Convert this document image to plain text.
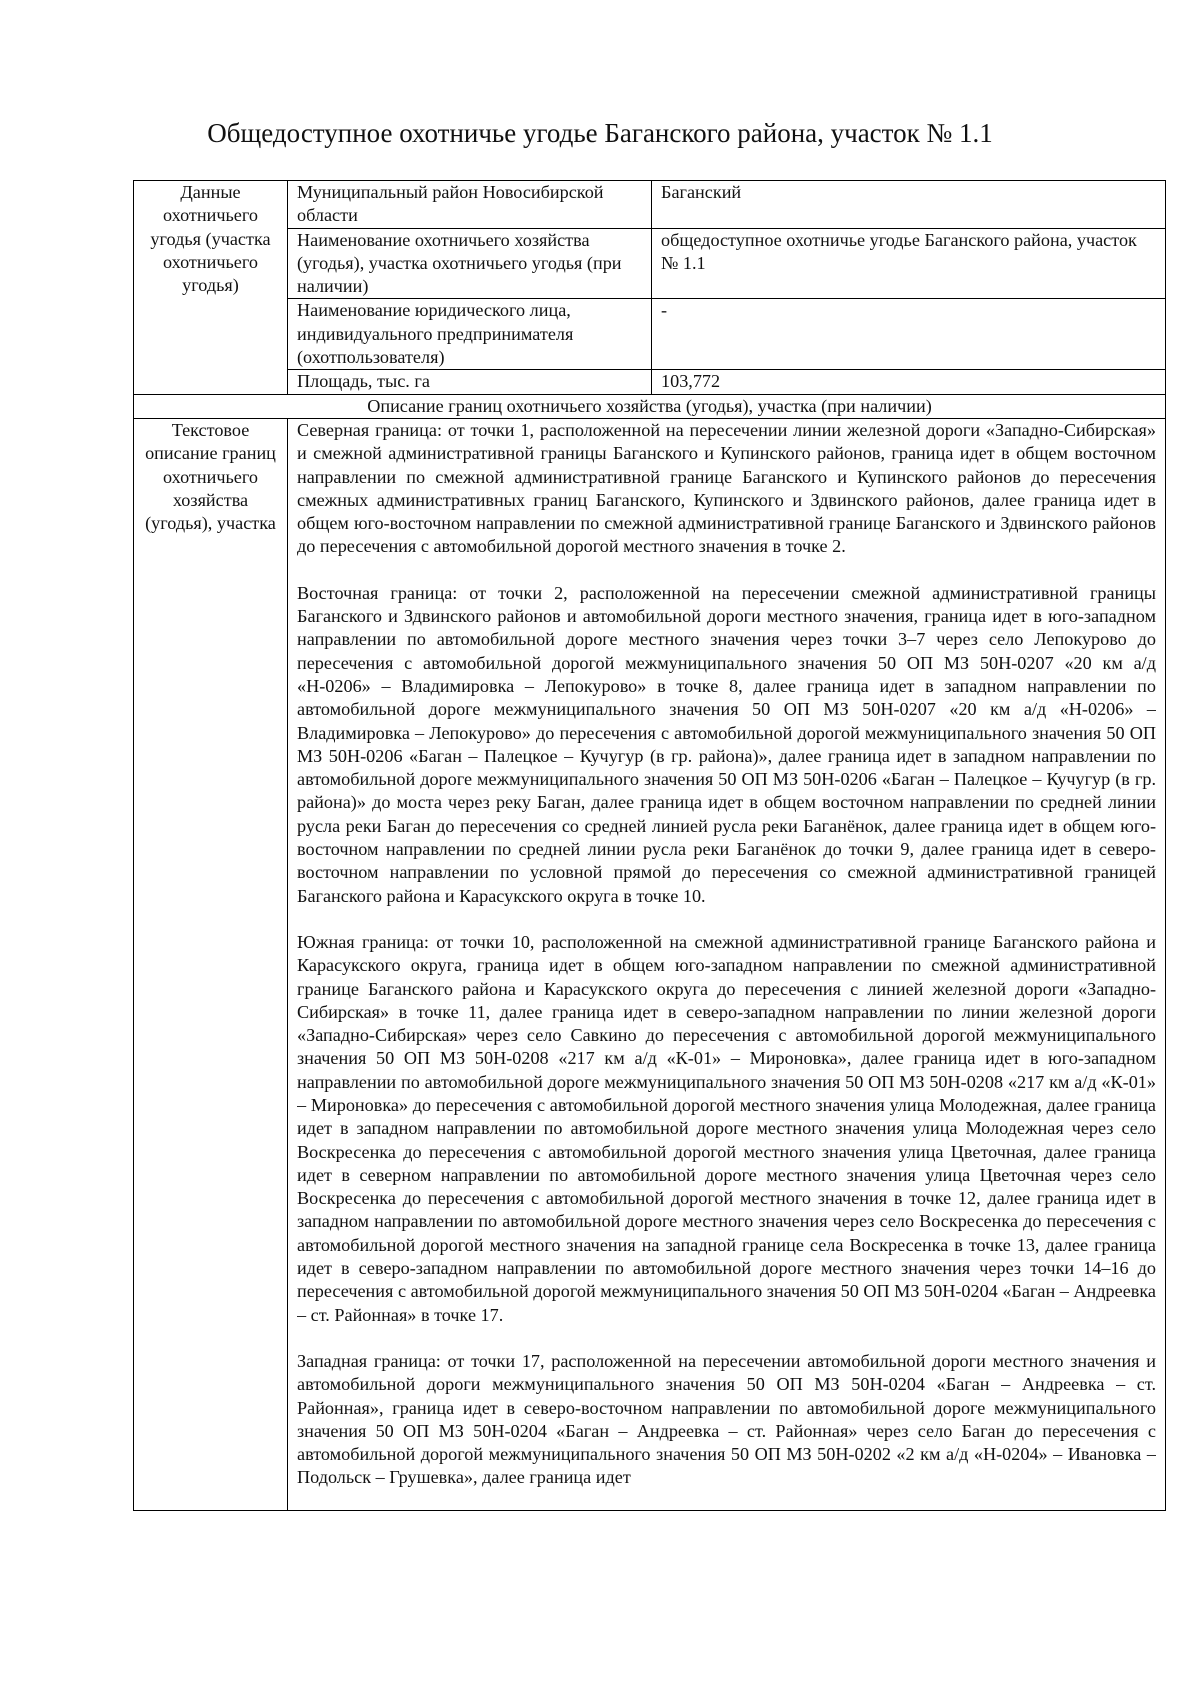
Общедоступное охотничье угодье Баганского района, участок № 1.1
Данные охотничьего угодья (участка охотничьего угодья)	Муниципальный район Новосибирской области	Баганский
	Наименование охотничьего хозяйства (угодья), участка охотничьего угодья (при наличии)	общедоступное охотничье угодье Баганского района, участок № 1.1
	Наименование юридического лица, индивидуального предпринимателя (охотпользователя)	-
	Площадь, тыс. га	103,772
Описание границ охотничьего хозяйства (угодья), участка (при наличии)		
Текстовое описание границ охотничьего хозяйства (угодья), участка	Северная граница: от точки 1, расположенной на пересечении линии железной дороги «Западно-Сибирская» и смежной административной границы Баганского и Купинского районов, граница идет в общем восточном направлении по смежной административной границе Баганского и Купинского районов до пересечения смежных административных границ Баганского, Купинского и Здвинского районов, далее граница идет в общем юго-восточном направлении по смежной административной границе Баганского и Здвинского районов до пересечения с автомобильной дорогой местного значения в точке 2.

Восточная граница: от точки 2, расположенной на пересечении смежной административной границы Баганского и Здвинского районов и автомобильной дороги местного значения, граница идет в юго-западном направлении по автомобильной дороге местного значения через точки 3–7 через село Лепокурово до пересечения с автомобильной дорогой межмуниципального значения 50 ОП МЗ 50Н-0207 «20 км а/д «Н-0206» – Владимировка – Лепокурово» в точке 8, далее граница идет в западном направлении по автомобильной дороге межмуниципального значения 50 ОП МЗ 50Н-0207 «20 км а/д «Н-0206» – Владимировка – Лепокурово» до пересечения с автомобильной дорогой межмуниципального значения 50 ОП МЗ 50Н-0206 «Баган – Палецкое – Кучугур (в гр. района)», далее граница идет в западном направлении по автомобильной дороге межмуниципального значения 50 ОП МЗ 50Н-0206 «Баган – Палецкое – Кучугур (в гр. района)» до моста через реку Баган, далее граница идет в общем восточном направлении по средней линии русла реки Баган до пересечения со средней линией русла реки Баганёнок, далее граница идет в общем юго-восточном направлении по средней линии русла реки Баганёнок до точки 9, далее граница идет в северо-восточном направлении по условной прямой до пересечения со смежной административной границей Баганского района и Карасукского округа в точке 10.

Южная граница: от точки 10, расположенной на смежной административной границе Баганского района и Карасукского округа, граница идет в общем юго-западном направлении по смежной административной границе Баганского района и Карасукского округа до пересечения с линией железной дороги «Западно-Сибирская» в точке 11, далее граница идет в северо-западном направлении по линии железной дороги «Западно-Сибирская» через село Савкино до пересечения с автомобильной дорогой межмуниципального значения 50 ОП МЗ 50Н-0208 «217 км а/д «К-01» – Мироновка», далее граница идет в юго-западном направлении по автомобильной дороге межмуниципального значения 50 ОП МЗ 50Н-0208 «217 км а/д «К-01» – Мироновка» до пересечения с автомобильной дорогой местного значения улица Молодежная, далее граница идет в западном направлении по автомобильной дороге местного значения улица Молодежная через село Воскресенка до пересечения с автомобильной дорогой местного значения улица Цветочная, далее граница идет в северном направлении по автомобильной дороге местного значения улица Цветочная через село Воскресенка до пересечения с автомобильной дорогой местного значения в точке 12, далее граница идет в западном направлении по автомобильной дороге местного значения через село Воскресенка до пересечения с автомобильной дорогой местного значения на западной границе села Воскресенка в точке 13, далее граница идет в северо-западном направлении по автомобильной дороге местного значения через точки 14–16 до пересечения с автомобильной дорогой межмуниципального значения 50 ОП МЗ 50Н-0204 «Баган – Андреевка – ст. Районная» в точке 17.

Западная граница: от точки 17, расположенной на пересечении автомобильной дороги местного значения и автомобильной дороги межмуниципального значения 50 ОП МЗ 50Н-0204 «Баган – Андреевка – ст. Районная», граница идет в северо-восточном направлении по автомобильной дороге межмуниципального значения 50 ОП МЗ 50Н-0204 «Баган – Андреевка – ст. Районная» через село Баган до пересечения с автомобильной дорогой межмуниципального значения 50 ОП МЗ 50Н-0202 «2 км а/д «Н-0204» – Ивановка – Подольск – Грушевка», далее граница идет	
